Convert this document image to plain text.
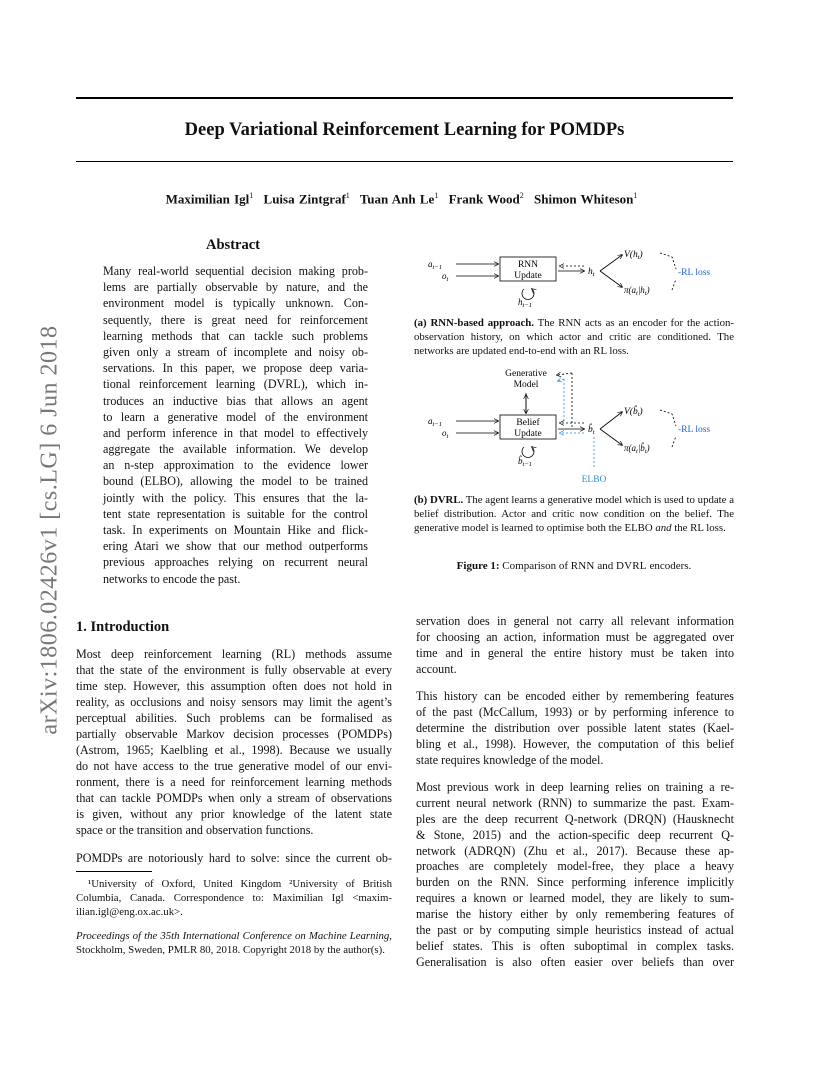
arXiv:1806.02426v1 [cs.LG] 6 Jun 2018
Deep Variational Reinforcement Learning for POMDPs
Maximilian Igl$^1$ Luisa Zintgraf$^1$ Tuan Anh Le$^1$ Frank Wood$^2$ Shimon Whiteson$^1$
Abstract
Many real-world sequential decision making prob-
lems are partially observable by nature, and the
environment model is typically unknown. Con-
sequently, there is great need for reinforcement
learning methods that can tackle such problems
given only a stream of incomplete and noisy ob-
servations. In this paper, we propose deep varia-
tional reinforcement learning (DVRL), which in-
troduces an inductive bias that allows an agent
to learn a generative model of the environment
and perform inference in that model to effectively
aggregate the available information. We develop
an n-step approximation to the evidence lower
bound (ELBO), allowing the model to be trained
jointly with the policy. This ensures that the la-
tent state representation is suitable for the control
task. In experiments on Mountain Hike and flick-
ering Atari we show that our method outperforms
previous approaches relying on recurrent neural
networks to encode the past.
$a_{t-1}$
$o_t$
RNN
Update	$h_t$
$h_{t-1}$
$V(h_t)$
$\pi(a_t|h_t)$
-RL loss
(a) RNN-based approach. The RNN acts as an encoder for the action-observation history, on which actor and critic are conditioned. The networks are updated end-to-end with an RL loss.
Generative
Model
$a_{t-1}$
$o_t$
Belief
Update	$b̂_t$
ELBO
$b̂_{t-1}$
$V(b̂_t)$
$\pi(a_t|b̂_t)$
-RL loss
(b) DVRL. The agent learns a generative model which is used to update a belief distribution. Actor and critic now condition on the belief. The generative model is learned to optimise both the ELBO and the RL loss.
Figure 1: Comparison of RNN and DVRL encoders.
1. Introduction
Most deep reinforcement learning (RL) methods assume
that the state of the environment is fully observable at every
time step. However, this assumption often does not hold in
reality, as occlusions and noisy sensors may limit the agent’s
perceptual abilities. Such problems can be formalised as
partially observable Markov decision processes (POMDPs)
(Astrom, 1965; Kaelbling et al., 1998). Because we usually
do not have access to the true generative model of our envi-
ronment, there is a need for reinforcement learning methods
that can tackle POMDPs when only a stream of observations
is given, without any prior knowledge of the latent state
space or the transition and observation functions.
POMDPs are notoriously hard to solve: since the current ob-
¹University of Oxford, United Kingdom ²University of British Columbia, Canada. Correspondence to: Maximilian Igl <maxim-ilian.igl@eng.ox.ac.uk>.
Proceedings of the 35th International Conference on Machine Learning, Stockholm, Sweden, PMLR 80, 2018. Copyright 2018 by the author(s).
servation does in general not carry all relevant information
for choosing an action, information must be aggregated over
time and in general the entire history must be taken into
account.
This history can be encoded either by remembering features
of the past (McCallum, 1993) or by performing inference to
determine the distribution over possible latent states (Kael-
bling et al., 1998). However, the computation of this belief
state requires knowledge of the model.
Most previous work in deep learning relies on training a re-
current neural network (RNN) to summarize the past. Exam-
ples are the deep recurrent Q-network (DRQN) (Hausknecht
& Stone, 2015) and the action-specific deep recurrent Q-
network (ADRQN) (Zhu et al., 2017). Because these ap-
proaches are completely model-free, they place a heavy
burden on the RNN. Since performing inference implicitly
requires a known or learned model, they are likely to sum-
marise the history either by only remembering features of
the past or by computing simple heuristics instead of actual
belief states. This is often suboptimal in complex tasks.
Generalisation is also often easier over beliefs than over
